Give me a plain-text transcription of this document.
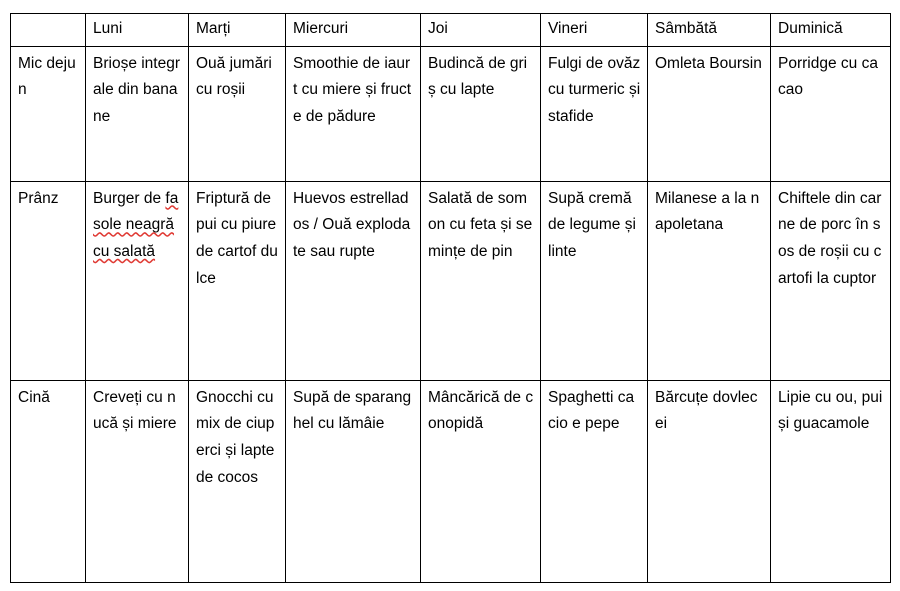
	Luni	Marți	Miercuri	Joi	Vineri	Sâmbătă	Duminică
Mic dejun	Brioșe integrale din banane	Ouă jumări cu roșii	Smoothie de iaurt cu miere și fructe de pădure	Budincă de griș cu lapte	Fulgi de ovăz cu turmeric și stafide	Omleta Boursin	Porridge cu cacao
Prânz	Burger de fasole neagră cu salată	Friptură de pui cu piure de cartof dulce	Huevos estrellados / Ouă explodate sau rupte	Salată de somon cu feta și semințe de pin	Supă cremă de legume și linte	Milanese a la napoletana	Chiftele din carne de porc în sos de roșii cu cartofi la cuptor
Cină	Creveți cu nucă și miere	Gnocchi cu mix de ciuperci și lapte de cocos	Supă de sparanghel cu lămâie	Mâncărică de conopidă	Spaghetti cacio e pepe	Bărcuțe dovlecei	Lipie cu ou, pui și guacamole
